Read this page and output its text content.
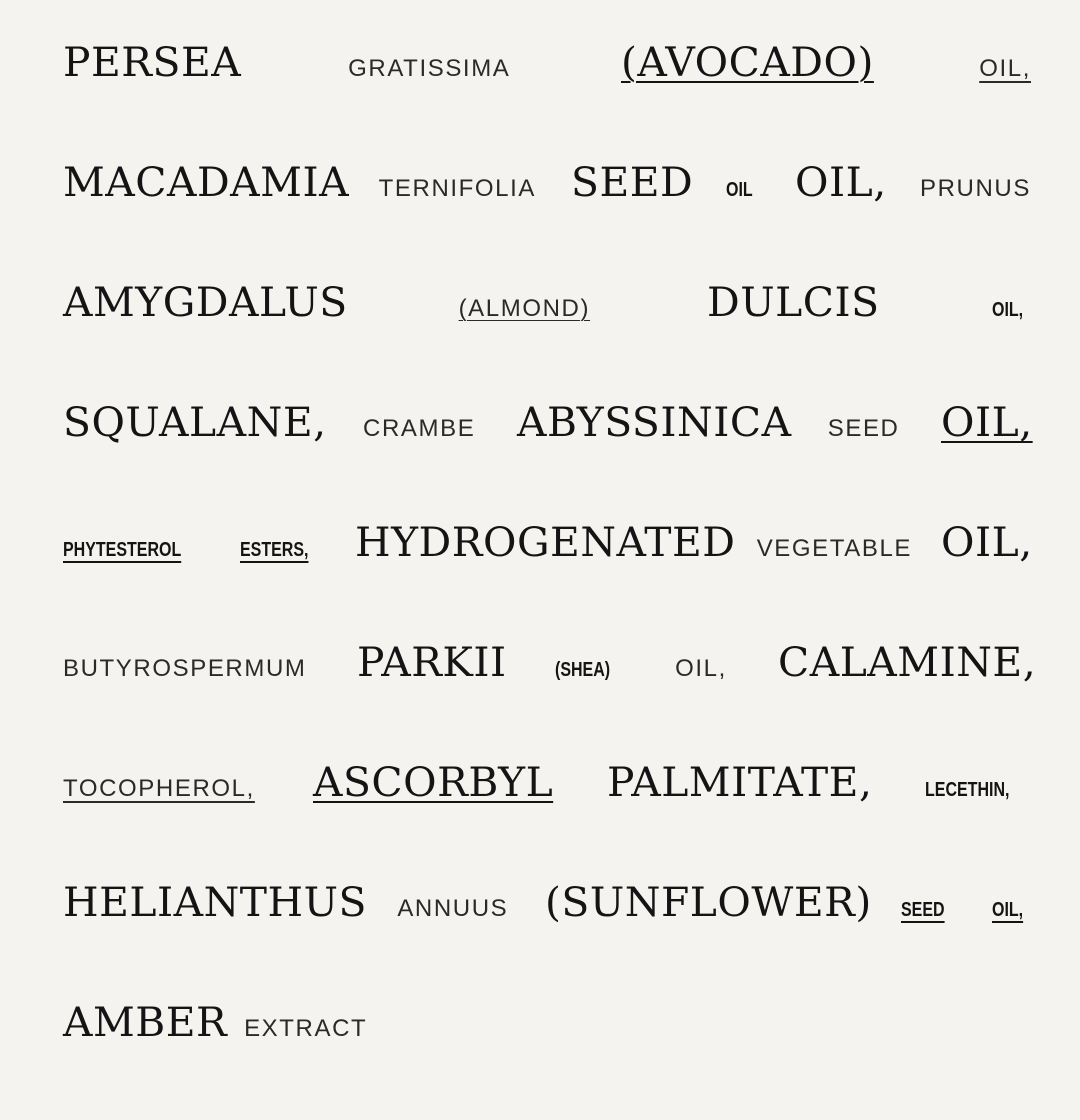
PERSEA	GRATISSIMA	(AVOCADO)	OIL,
MACADAMIA TERNIFOLIA SEED OIL OIL, PRUNUS
AMYGDALUS	(ALMOND)	DULCIS	OIL,
SQUALANE, CRAMBE ABYSSINICA SEED OIL,
PHYTESTEROL	ESTERS, HYDROGENATED VEGETABLE OIL,
BUTYROSPERMUM PARKII (SHEA)	OIL, CALAMINE,
TOCOPHEROL,	ASCORBYL PALMITATE,	LECETHIN,
HELIANTHUS ANNUUS (SUNFLOWER) SEED	OIL,
AMBER EXTRACT
